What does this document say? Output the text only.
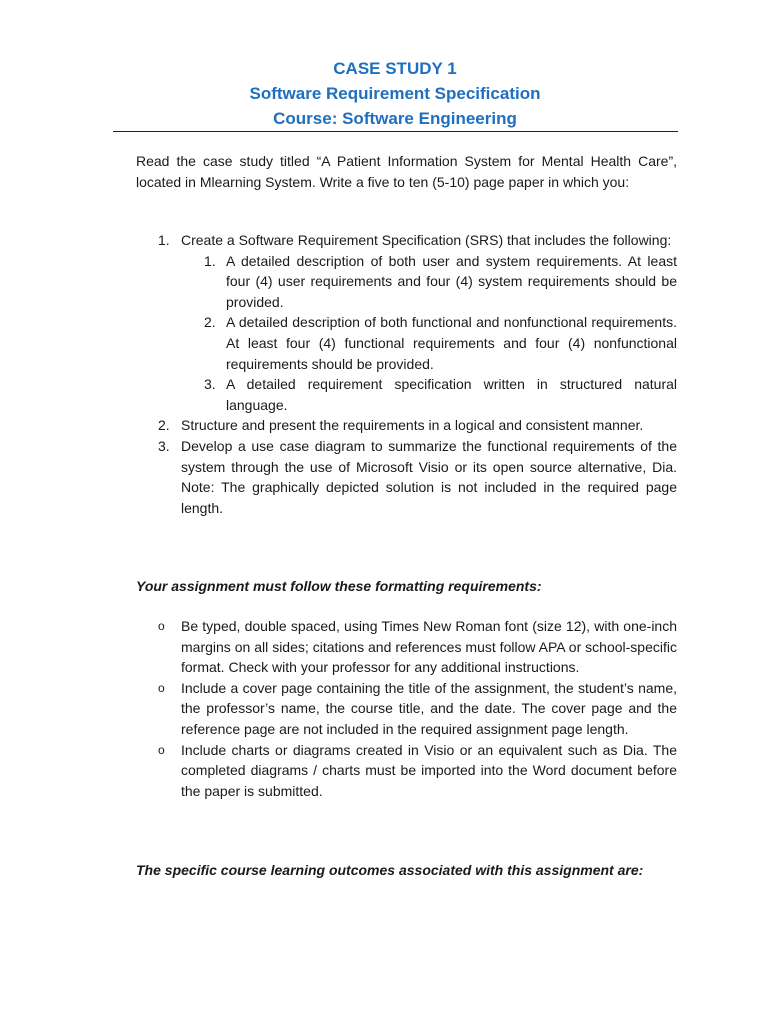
CASE STUDY 1
Software Requirement Specification
Course: Software Engineering
Read the case study titled “A Patient Information System for Mental Health Care”, located in Mlearning System. Write a five to ten (5-10) page paper in which you:
1. Create a Software Requirement Specification (SRS) that includes the following:
1. A detailed description of both user and system requirements. At least four (4) user requirements and four (4) system requirements should be provided.
2. A detailed description of both functional and nonfunctional requirements. At least four (4) functional requirements and four (4) nonfunctional requirements should be provided.
3. A detailed requirement specification written in structured natural language.
2. Structure and present the requirements in a logical and consistent manner.
3. Develop a use case diagram to summarize the functional requirements of the system through the use of Microsoft Visio or its open source alternative, Dia. Note: The graphically depicted solution is not included in the required page length.
Your assignment must follow these formatting requirements:
o Be typed, double spaced, using Times New Roman font (size 12), with one-inch margins on all sides; citations and references must follow APA or school-specific format. Check with your professor for any additional instructions.
o Include a cover page containing the title of the assignment, the student’s name, the professor’s name, the course title, and the date. The cover page and the reference page are not included in the required assignment page length.
o Include charts or diagrams created in Visio or an equivalent such as Dia. The completed diagrams / charts must be imported into the Word document before the paper is submitted.
The specific course learning outcomes associated with this assignment are:
